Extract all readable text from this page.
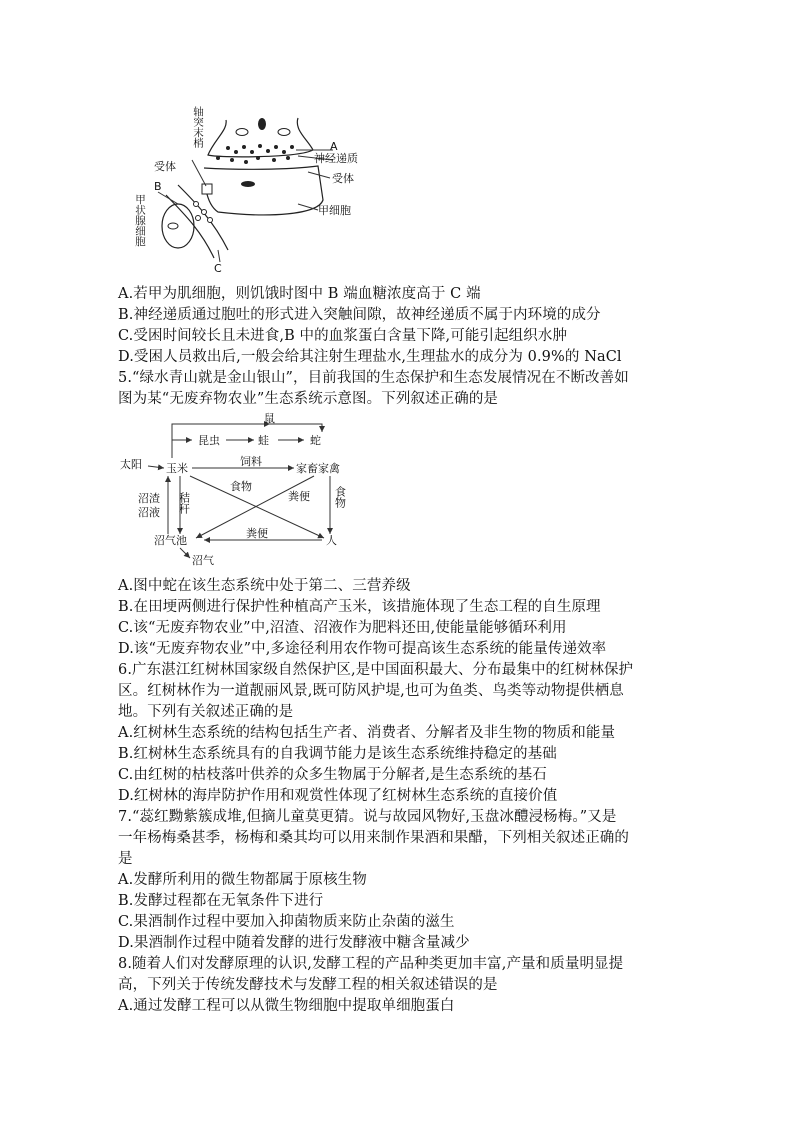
轴突末梢	A
神经递质
受体
受体
B
甲状腺细胞	甲细胞
C
A.若甲为肌细胞，则饥饿时图中 B 端血糖浓度高于 C 端
B.神经递质通过胞吐的形式进入突触间隙，故神经递质不属于内环境的成分
C.受困时间较长且未进食,B 中的血浆蛋白含量下降,可能引起组织水肿
D.受困人员救出后,一般会给其注射生理盐水,生理盐水的成分为 0.9%的 NaCl
5.“绿水青山就是金山银山”，目前我国的生态保护和生态发展情况在不断改善如
图为某“无废弃物农业”生态系统示意图。下列叙述正确的是
鼠
昆虫	蛙	蛇
太阳 玉米
饲料
家畜家禽
沼渣
沼液 秸秆
食物
粪便 食物
沼气池
粪便
人
沼气
A.图中蛇在该生态系统中处于第二、三营养级
B.在田埂两侧进行保护性种植高产玉米，该措施体现了生态工程的自生原理
C.该“无废弃物农业”中,沼渣、沼液作为肥料还田,使能量能够循环利用
D.该“无废弃物农业”中,多途径利用农作物可提高该生态系统的能量传递效率
6.广东湛江红树林国家级自然保护区,是中国面积最大、分布最集中的红树林保护
区。红树林作为一道靓丽风景,既可防风护堤,也可为鱼类、鸟类等动物提供栖息
地。下列有关叙述正确的是
A.红树林生态系统的结构包括生产者、消费者、分解者及非生物的物质和能量
B.红树林生态系统具有的自我调节能力是该生态系统维持稳定的基础
C.由红树的枯枝落叶供养的众多生物属于分解者,是生态系统的基石
D.红树林的海岸防护作用和观赏性体现了红树林生态系统的直接价值
7.“蕊红黝紫簇成堆,但摘儿童莫更猜。说与故园风物好,玉盘冰醴浸杨梅。”又是
一年杨梅桑甚季，杨梅和桑其均可以用来制作果酒和果醋，下列相关叙述正确的
是
A.发酵所利用的微生物都属于原核生物
B.发酵过程都在无氧条件下进行
C.果酒制作过程中要加入抑菌物质来防止杂菌的滋生
D.果酒制作过程中随着发酵的进行发酵液中糖含量减少
8.随着人们对发酵原理的认识,发酵工程的产品种类更加丰富,产量和质量明显提
高，下列关于传统发酵技术与发酵工程的相关叙述错误的是
A.通过发酵工程可以从微生物细胞中提取单细胞蛋白
